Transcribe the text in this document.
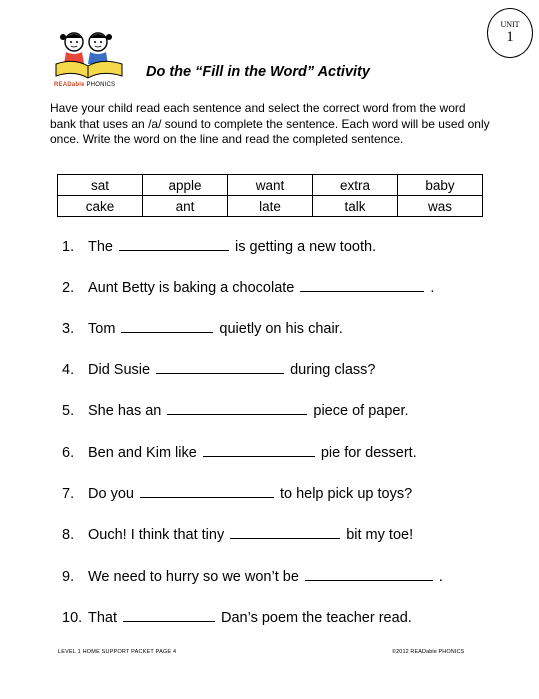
UNIT
1
READable PHONICS
Do the “Fill in the Word” Activity

Have your child read each sentence and select the correct word from the word bank that uses an /a/ sound to complete the sentence. Each word will be used only once. Write the word on the line and read the completed sentence.

sat	apple	want	extra	baby
cake	ant	late	talk	was
1. The	is getting a new tooth.
2. Aunt Betty is baking a chocolate	.
3. Tom	quietly on his chair.
4. Did Susie	during class?
5. She has an	piece of paper.
6. Ben and Kim like	pie for dessert.
7. Do you	to help pick up toys?
8. Ouch! I think that tiny	bit my toe!
9. We need to hurry so we won’t be	.
10. That	Dan’s poem the teacher read.
LEVEL 1 HOME SUPPORT PACKET PAGE 4	©2012 READable PHONICS
